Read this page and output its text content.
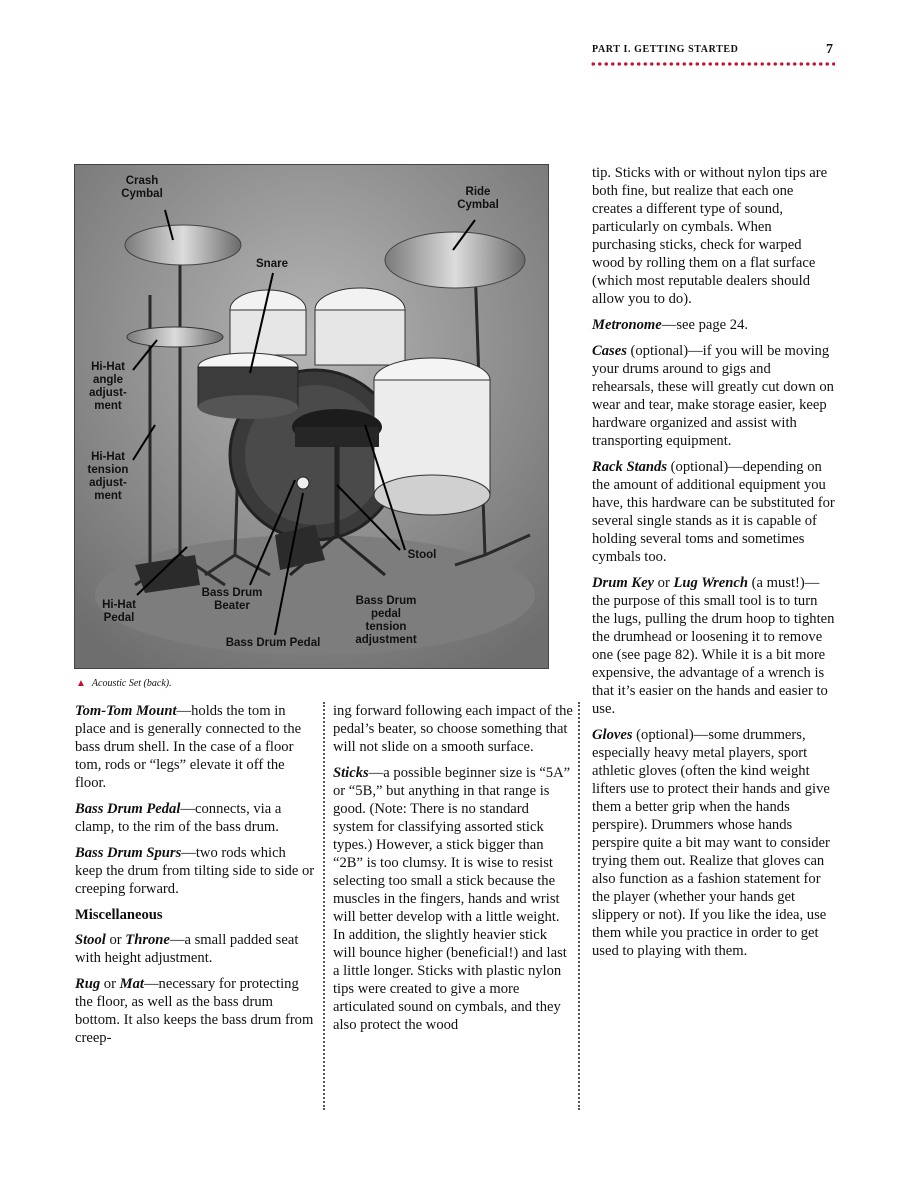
PART I. GETTING STARTED	7
Crash
Cymbal	Ride
Cymbal
Snare
Hi-Hat
angle
adjust-
ment
Hi-Hat
tension
adjust-
ment
Stool
Hi-Hat
Pedal
Bass Drum
Beater	Bass Drum
pedal
tension
adjustment
Bass Drum Pedal
▲ Acoustic Set (back).

Tom-Tom Mount—holds the tom in place and is generally connected to the bass drum shell. In the case of a floor tom, rods or “legs” elevate it off the floor.

Bass Drum Pedal—connects, via a clamp, to the rim of the bass drum.

Bass Drum Spurs—two rods which keep the drum from tilting side to side or creeping forward.

Miscellaneous

Stool or Throne—a small padded seat with height adjustment.

Rug or Mat—necessary for protecting the floor, as well as the bass drum bottom. It also keeps the bass drum from creep-

ing forward following each impact of the pedal’s beater, so choose something that will not slide on a smooth surface.

Sticks—a possible beginner size is “5A” or “5B,” but anything in that range is good. (Note: There is no standard system for classifying assorted stick types.) However, a stick bigger than “2B” is too clumsy. It is wise to resist selecting too small a stick because the muscles in the fingers, hands and wrist will better develop with a little weight. In addition, the slightly heavier stick will bounce higher (beneficial!) and last a little longer. Sticks with plastic nylon tips were created to give a more articulated sound on cymbals, and they also protect the wood

tip. Sticks with or without nylon tips are both fine, but realize that each one creates a different type of sound, particularly on cymbals. When purchasing sticks, check for warped wood by rolling them on a flat surface (which most reputable dealers should allow you to do).

Metronome—see page 24.

Cases (optional)—if you will be moving your drums around to gigs and rehearsals, these will greatly cut down on wear and tear, make storage easier, keep hardware organized and assist with transporting equipment.

Rack Stands (optional)—depending on the amount of additional equipment you have, this hardware can be substituted for several single stands as it is capable of holding several toms and sometimes cymbals too.

Drum Key or Lug Wrench (a must!)—the purpose of this small tool is to turn the lugs, pulling the drum hoop to tighten the drumhead or loosening it to remove one (see page 82). While it is a bit more expensive, the advantage of a wrench is that it’s easier on the hands and easier to use.

Gloves (optional)—some drummers, especially heavy metal players, sport athletic gloves (often the kind weight lifters use to protect their hands and give them a better grip when the hands perspire). Drummers whose hands perspire quite a bit may want to consider trying them out. Realize that gloves can also function as a fashion statement for the player (whether your hands get slippery or not). If you like the idea, use them while you practice in order to get used to playing with them.
